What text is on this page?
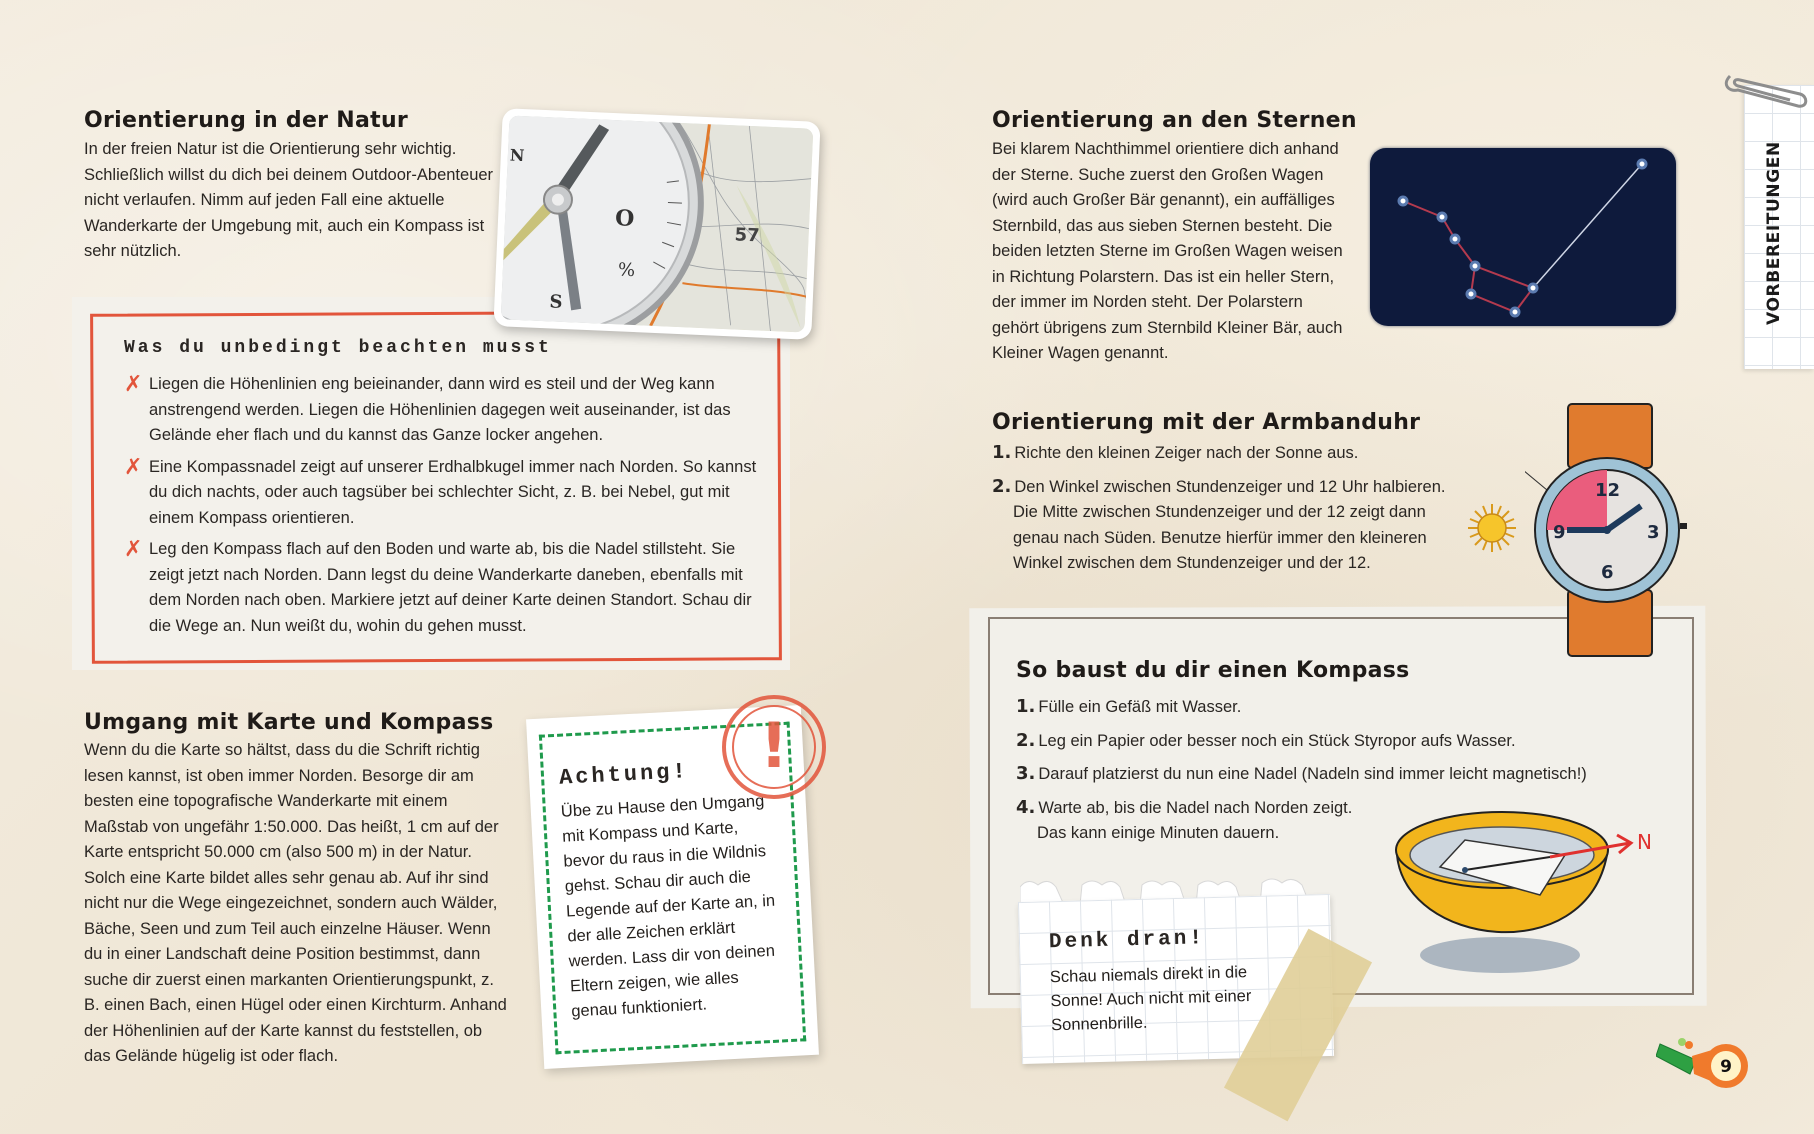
Orientierung in der Natur
In der freien Natur ist die Orientierung sehr wichtig. Schließlich willst du dich bei deinem Outdoor-Abenteuer nicht verlaufen. Nimm auf jeden Fall eine aktuelle Wanderkarte der Umgebung mit, auch ein Kompass ist sehr nützlich.
57
O
%
S
N
Was du unbedingt beachten musst
✗ Liegen die Höhenlinien eng beieinander, dann wird es steil und der Weg kann anstrengend werden. Liegen die Höhenlinien dagegen weit auseinander, ist das Gelände eher flach und du kannst das Ganze locker angehen.
✗ Eine Kompassnadel zeigt auf unserer Erdhalbkugel immer nach Norden. So kannst du dich nachts, oder auch tagsüber bei schlechter Sicht, z. B. bei Nebel, gut mit einem Kompass orientieren.
✗ Leg den Kompass flach auf den Boden und warte ab, bis die Nadel stillsteht. Sie zeigt jetzt nach Norden. Dann legst du deine Wanderkarte daneben, ebenfalls mit dem Norden nach oben. Markiere jetzt auf deiner Karte deinen Standort. Schau dir die Wege an. Nun weißt du, wohin du gehen musst.
Umgang mit Karte und Kompass
Wenn du die Karte so hältst, dass du die Schrift richtig lesen kannst, ist oben immer Norden. Besorge dir am besten eine topografische Wanderkarte mit einem Maßstab von ungefähr 1:50.000. Das heißt, 1 cm auf der Karte entspricht 50.000 cm (also 500 m) in der Natur. Solch eine Karte bildet alles sehr genau ab. Auf ihr sind nicht nur die Wege eingezeichnet, sondern auch Wälder, Bäche, Seen und zum Teil auch einzelne Häuser. Wenn du in einer Landschaft deine Position bestimmst, dann suche dir zuerst einen markanten Orientierungspunkt, z. B. einen Bach, einen Hügel oder einen Kirchturm. Anhand der Höhenlinien auf der Karte kannst du feststellen, ob das Gelände hügelig ist oder flach.
Achtung!
Übe zu Hause den Umgang mit Kompass und Karte, bevor du raus in die Wildnis gehst. Schau dir auch die Legende auf der Karte an, in der alle Zeichen erklärt werden. Lass dir von deinen Eltern zeigen, wie alles genau funktioniert.
!
Orientierung an den Sternen
Bei klarem Nachthimmel orientiere dich anhand der Sterne. Suche zuerst den Großen Wagen (wird auch Großer Bär genannt), ein auffälliges Sternbild, das aus sieben Sternen besteht. Die beiden letzten Sterne im Großen Wagen weisen in Richtung Polarstern. Das ist ein heller Stern, der immer im Norden steht. Der Polarstern gehört übrigens zum Sternbild Kleiner Bär, auch Kleiner Wagen genannt.
VORBEREITUNGEN
Orientierung mit der Armbanduhr
1. Richte den kleinen Zeiger nach der Sonne aus.
2. Den Winkel zwischen Stundenzeiger und 12 Uhr halbieren.
Die Mitte zwischen Stundenzeiger und der 12 zeigt dann genau nach Süden. Benutze hierfür immer den kleineren Winkel zwischen dem Stundenzeiger und der 12.
12
3
6
9
So baust du dir einen Kompass
1. Fülle ein Gefäß mit Wasser.
2. Leg ein Papier oder besser noch ein Stück Styropor aufs Wasser.
3. Darauf platzierst du nun eine Nadel (Nadeln sind immer leicht magnetisch!)
4. Warte ab, bis die Nadel nach Norden zeigt.
Das kann einige Minuten dauern.	N
Denk dran!
Schau niemals direkt in die Sonne! Auch nicht mit einer Sonnenbrille.
9
